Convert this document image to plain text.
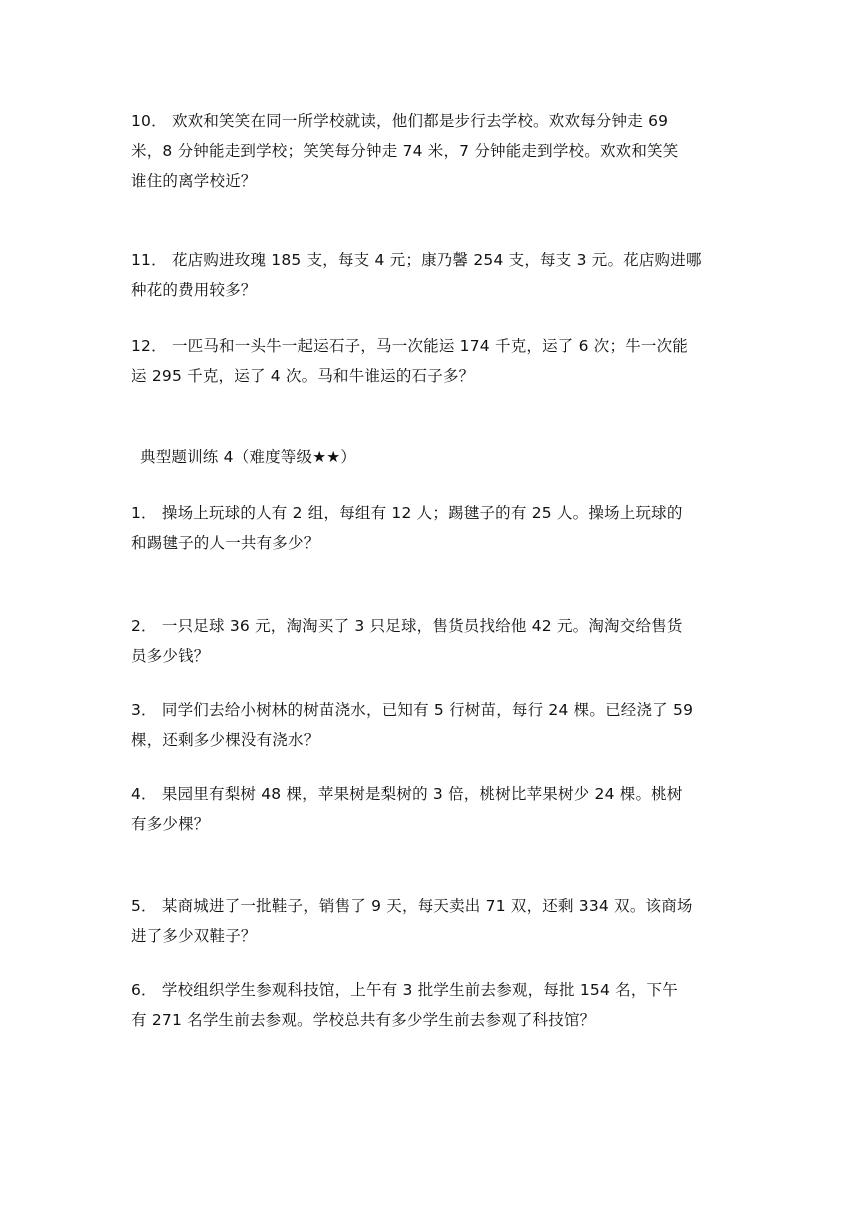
10． 欢欢和笑笑在同一所学校就读，他们都是步行去学校。欢欢每分钟走 69
米，8 分钟能走到学校；笑笑每分钟走 74 米，7 分钟能走到学校。欢欢和笑笑
谁住的离学校近？
11． 花店购进玫瑰 185 支，每支 4 元；康乃馨 254 支，每支 3 元。花店购进哪
种花的费用较多？
12． 一匹马和一头牛一起运石子，马一次能运 174 千克，运了 6 次；牛一次能
运 295 千克，运了 4 次。马和牛谁运的石子多？
典型题训练 4（难度等级★★）
1． 操场上玩球的人有 2 组，每组有 12 人；踢毽子的有 25 人。操场上玩球的
和踢毽子的人一共有多少？
2． 一只足球 36 元，淘淘买了 3 只足球，售货员找给他 42 元。淘淘交给售货
员多少钱？
3． 同学们去给小树林的树苗浇水，已知有 5 行树苗，每行 24 棵。已经浇了 59
棵，还剩多少棵没有浇水？
4． 果园里有梨树 48 棵，苹果树是梨树的 3 倍，桃树比苹果树少 24 棵。桃树
有多少棵？
5． 某商城进了一批鞋子，销售了 9 天，每天卖出 71 双，还剩 334 双。该商场
进了多少双鞋子？
6． 学校组织学生参观科技馆，上午有 3 批学生前去参观，每批 154 名，下午
有 271 名学生前去参观。学校总共有多少学生前去参观了科技馆？
